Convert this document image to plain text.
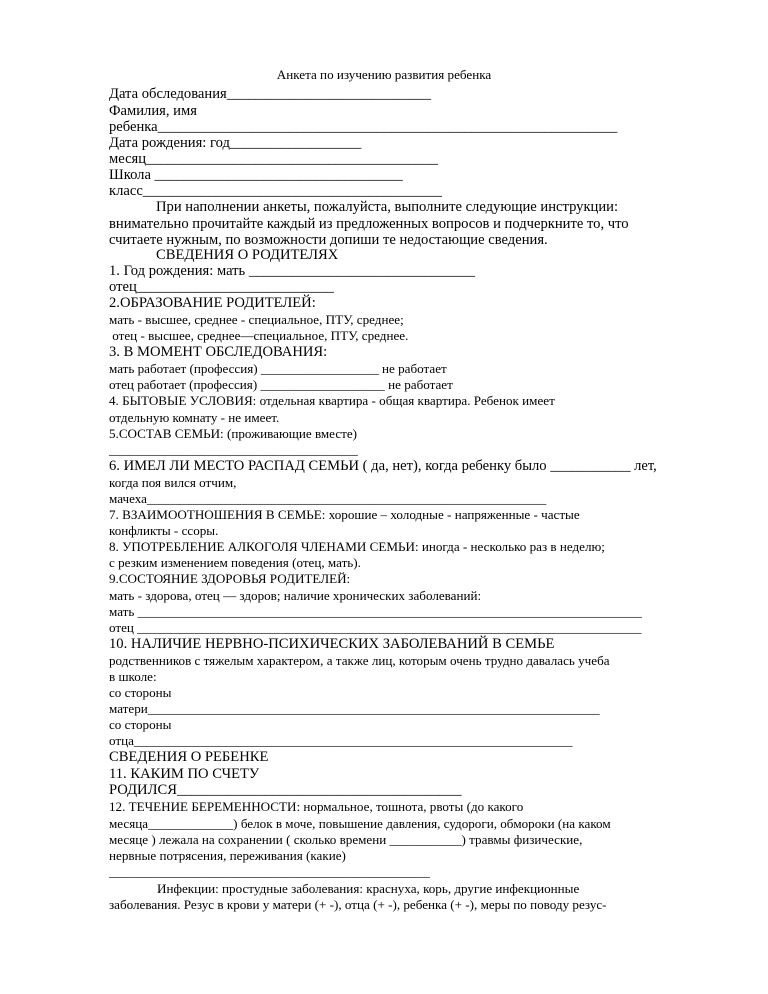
Анкета по изучению развития ребенка
Дата обследования____________________________
Фамилия, имя
ребенка_______________________________________________________________
Дата рождения: год__________________
месяц________________________________________
Школа __________________________________
класс_________________________________________
При наполнении анкеты, пожалуйста, выполните следующие инструкции:
внимательно прочитайте каждый из предложенных вопросов и подчеркните то, что
считаете нужным, по возможности допиши те недостающие сведения.
СВЕДЕНИЯ О РОДИТЕЛЯХ
1. Год рождения: мать _______________________________
отец___________________________
2.ОБРАЗОВАНИЕ РОДИТЕЛЕЙ:
мать - высшее, среднее - специальное, ПТУ, среднее;
отец - высшее, среднее—специальное, ПТУ, среднее.
3. В МОМЕНТ ОБСЛЕДОВАНИЯ:
мать работает (профессия) __________________ не работает
отец работает (профессия) ___________________ не работает
4. БЫТОВЫЕ УСЛОВИЯ: отдельная квартира - общая квартира. Ребенок имеет
отдельную комнату - не имеет.
5.СОСТАВ СЕМЬИ: (проживающие вместе)
______________________________________
6. ИМЕЛ ЛИ МЕСТО РАСПАД СЕМЬИ ( да, нет), когда ребенку было ___________ лет,
когда поя вился отчим,
мачеха_____________________________________________________________
7. ВЗАИМООТНОШЕНИЯ В СЕМЬЕ: хорошие – холодные - напряженные - частые
конфликты - ссоры.
8. УПОТРЕБЛЕНИЕ АЛКОГОЛЯ ЧЛЕНАМИ СЕМЬИ: иногда - несколько раз в неделю;
с резким изменением поведения (отец, мать).
9.СОСТОЯНИЕ ЗДОРОВЬЯ РОДИТЕЛЕЙ:
мать - здорова, отец — здоров; наличие хронических заболеваний:
мать _____________________________________________________________________________
отец _____________________________________________________________________________
10. НАЛИЧИЕ НЕРВНО-ПСИХИЧЕСКИХ ЗАБОЛЕВАНИЙ В СЕМЬЕ
родственников с тяжелым характером, а также лиц, которым очень трудно давалась учеба
в школе:
со стороны
матери_____________________________________________________________________
со стороны
отца___________________________________________________________________
СВЕДЕНИЯ О РЕБЕНКЕ
11. КАКИМ ПО СЧЕТУ
РОДИЛСЯ_______________________________________
12. ТЕЧЕНИЕ БЕРЕМЕННОСТИ: нормальное, тошнота, рвоты (до какого
месяца_____________) белок в моче, повышение давления, судороги, обмороки (на каком
месяце ) лежала на сохранении ( сколько времени ___________) травмы физические,
нервные потрясения, переживания (какие)
_________________________________________________
Инфекции: простудные заболевания: краснуха, корь, другие инфекционные
заболевания. Резус в крови у матери (+ -), отца (+ -), ребенка (+ -), меры по поводу резус-
